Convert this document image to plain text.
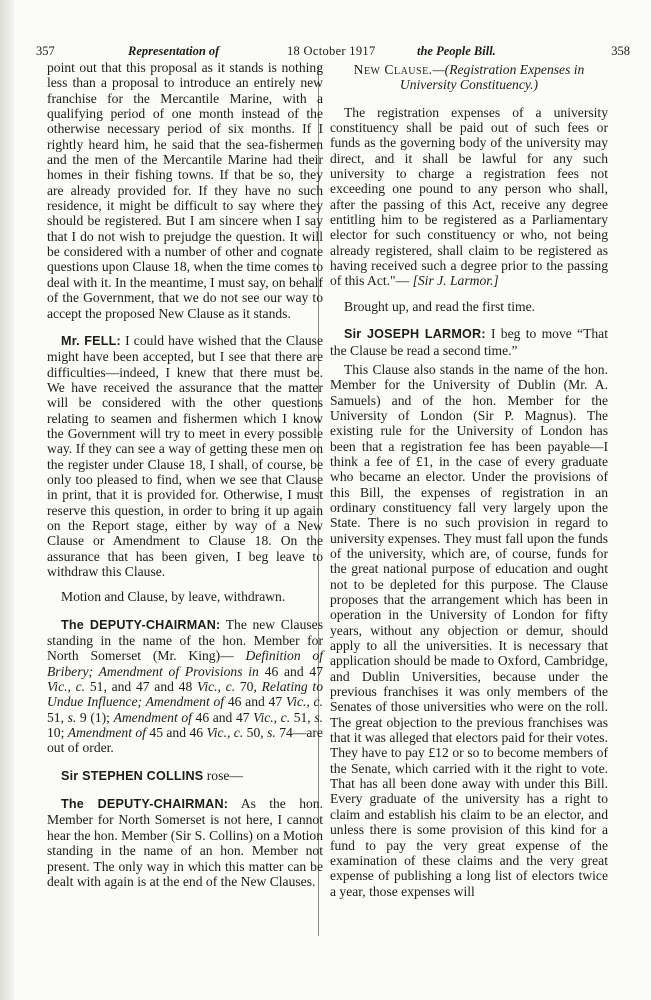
357	Representation of	18 October 1917	the People Bill.	358

point out that this proposal as it stands is nothing less than a proposal to introduce an entirely new franchise for the Mercantile Marine, with a qualifying period of one month instead of the otherwise necessary period of six months. If I rightly heard him, he said that the sea-fishermen and the men of the Mercantile Marine had their homes in their fishing towns. If that be so, they are already provided for. If they have no such residence, it might be difficult to say where they should be registered. But I am sincere when I say that I do not wish to prejudge the question. It will be considered with a number of other and cognate questions upon Clause 18, when the time comes to deal with it. In the meantime, I must say, on behalf of the Government, that we do not see our way to accept the proposed New Clause as it stands.

Mr. FELL: I could have wished that the Clause might have been accepted, but I see that there are difficulties—indeed, I knew that there must be. We have received the assurance that the matter will be considered with the other questions relating to seamen and fishermen which I know the Government will try to meet in every possible way. If they can see a way of getting these men on the register under Clause 18, I shall, of course, be only too pleased to find, when we see that Clause in print, that it is provided for. Otherwise, I must reserve this question, in order to bring it up again on the Report stage, either by way of a New Clause or Amendment to Clause 18. On the assurance that has been given, I beg leave to withdraw this Clause.

Motion and Clause, by leave, withdrawn.

The DEPUTY-CHAIRMAN: The new Clauses standing in the name of the hon. Member for North Somerset (Mr. King)— Definition of Bribery; Amendment of Provisions in 46 and 47 Vic., c. 51, and 47 and 48 Vic., c. 70, Relating to Undue Influence; Amendment of 46 and 47 Vic., c. 51, s. 9 (1); Amendment of 46 and 47 Vic., c. 51, s. 10; Amendment of 45 and 46 Vic., c. 50, s. 74—are out of order.

Sir STEPHEN COLLINS rose—

The DEPUTY-CHAIRMAN: As the hon. Member for North Somerset is not here, I cannot hear the hon. Member (Sir S. Collins) on a Motion standing in the name of an hon. Member not present. The only way in which this matter can be dealt with again is at the end of the New Clauses.

New Clause.—(Registration Expenses in University Constituency.)

The registration expenses of a university constituency shall be paid out of such fees or funds as the governing body of the university may direct, and it shall be lawful for any such university to charge a registration fees not exceeding one pound to any person who shall, after the passing of this Act, receive any degree entitling him to be registered as a Parliamentary elector for such constituency or who, not being already registered, shall claim to be registered as having received such a degree prior to the passing of this Act."— [Sir J. Larmor.]

Brought up, and read the first time.

Sir JOSEPH LARMOR: I beg to move “That the Clause be read a second time.”

This Clause also stands in the name of the hon. Member for the University of Dublin (Mr. A. Samuels) and of the hon. Member for the University of London (Sir P. Magnus). The existing rule for the University of London has been that a registration fee has been payable—I think a fee of £1, in the case of every graduate who became an elector. Under the provisions of this Bill, the expenses of registration in an ordinary constituency fall very largely upon the State. There is no such provision in regard to university expenses. They must fall upon the funds of the university, which are, of course, funds for the great national purpose of education and ought not to be depleted for this purpose. The Clause proposes that the arrangement which has been in operation in the University of London for fifty years, without any objection or demur, should apply to all the universities. It is necessary that application should be made to Oxford, Cambridge, and Dublin Universities, because under the previous franchises it was only members of the Senates of those universities who were on the roll. The great objection to the previous franchises was that it was alleged that electors paid for their votes. They have to pay £12 or so to become members of the Senate, which carried with it the right to vote. That has all been done away with under this Bill. Every graduate of the university has a right to claim and establish his claim to be an elector, and unless there is some provision of this kind for a fund to pay the very great expense of the examination of these claims and the very great expense of publishing a long list of electors twice a year, those expenses will
